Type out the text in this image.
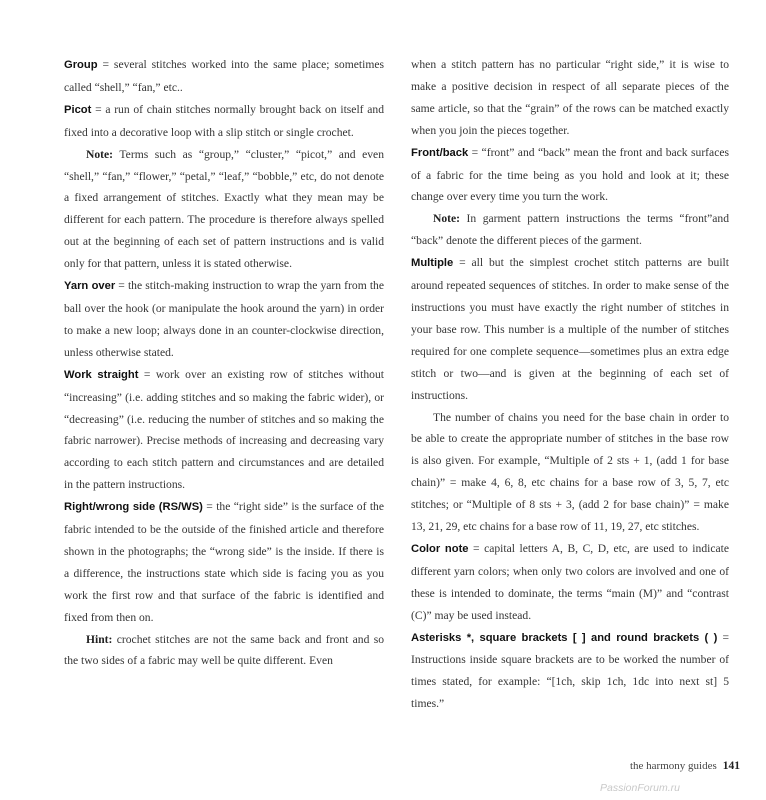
Group = several stitches worked into the same place; sometimes called “shell,” “fan,” etc..

Picot = a run of chain stitches normally brought back on itself and fixed into a decorative loop with a slip stitch or single crochet.

Note: Terms such as “group,” “cluster,” “picot,” and even “shell,” “fan,” “flower,” “petal,” “leaf,” “bobble,” etc, do not denote a fixed arrangement of stitches. Exactly what they mean may be different for each pattern. The procedure is therefore always spelled out at the beginning of each set of pattern instructions and is valid only for that pattern, unless it is stated otherwise.

Yarn over = the stitch-making instruction to wrap the yarn from the ball over the hook (or manipulate the hook around the yarn) in order to make a new loop; always done in an counter-clockwise direction, unless otherwise stated.

Work straight = work over an existing row of stitches without “increasing” (i.e. adding stitches and so making the fabric wider), or “decreasing” (i.e. reducing the number of stitches and so making the fabric narrower). Precise methods of increasing and decreasing vary according to each stitch pattern and circumstances and are detailed in the pattern instructions.

Right/wrong side (RS/WS) = the “right side” is the surface of the fabric intended to be the outside of the finished article and therefore shown in the photographs; the “wrong side” is the inside. If there is a difference, the instructions state which side is facing you as you work the first row and that surface of the fabric is identified and fixed from then on.

Hint: crochet stitches are not the same back and front and so the two sides of a fabric may well be quite different. Even

when a stitch pattern has no particular “right side,” it is wise to make a positive decision in respect of all separate pieces of the same article, so that the “grain” of the rows can be matched exactly when you join the pieces together.

Front/back = “front” and “back” mean the front and back surfaces of a fabric for the time being as you hold and look at it; these change over every time you turn the work.

Note: In garment pattern instructions the terms “front”and “back” denote the different pieces of the garment.

Multiple = all but the simplest crochet stitch patterns are built around repeated sequences of stitches. In order to make sense of the instructions you must have exactly the right number of stitches in your base row. This number is a multiple of the number of stitches required for one complete sequence—sometimes plus an extra edge stitch or two—and is given at the beginning of each set of instructions.

The number of chains you need for the base chain in order to be able to create the appropriate number of stitches in the base row is also given. For example, “Multiple of 2 sts + 1, (add 1 for base chain)” = make 4, 6, 8, etc chains for a base row of 3, 5, 7, etc stitches; or “Multiple of 8 sts + 3, (add 2 for base chain)” = make 13, 21, 29, etc chains for a base row of 11, 19, 27, etc stitches.

Color note = capital letters A, B, C, D, etc, are used to indicate different yarn colors; when only two colors are involved and one of these is intended to dominate, the terms “main (M)” and “contrast (C)” may be used instead.

Asterisks *, square brackets [ ] and round brackets ( ) = Instructions inside square brackets are to be worked the number of times stated, for example: “[1ch, skip 1ch, 1dc into next st] 5 times.”

the harmony guides 141
PassionForum.ru
